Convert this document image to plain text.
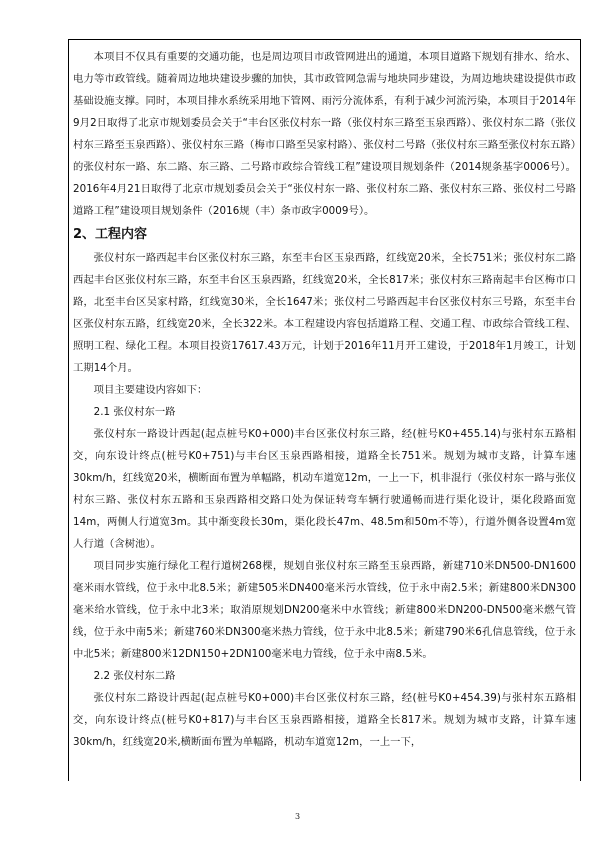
本项目不仅具有重要的交通功能，也是周边项目市政管网进出的通道，本项目道路下规划有排水、给水、电力等市政管线。随着周边地块建设步骤的加快，其市政管网急需与地块同步建设，为周边地块建设提供市政基础设施支撑。同时，本项目排水系统采用地下管网、雨污分流体系，有利于减少河流污染，本项目于2014年9月2日取得了北京市规划委员会关于“丰台区张仪村东一路（张仪村东三路至玉泉西路）、张仪村东二路（张仪村东三路至玉泉西路）、张仪村东三路（梅市口路至吴家村路）、张仪村二号路（张仪村东三路至张仪村东五路）的张仪村东一路、东二路、东三路、二号路市政综合管线工程”建设项目规划条件（2014规条基字0006号）。2016年4月21日取得了北京市规划委员会关于“张仪村东一路、张仪村东二路、张仪村东三路、张仪村二号路道路工程”建设项目规划条件（2016规（丰）条市政字0009号）。

2、工程内容

张仪村东一路西起丰台区张仪村东三路，东至丰台区玉泉西路，红线宽20米，全长751米；张仪村东二路西起丰台区张仪村东三路，东至丰台区玉泉西路，红线宽20米，全长817米；张仪村东三路南起丰台区梅市口路，北至丰台区吴家村路，红线宽30米，全长1647米；张仪村二号路西起丰台区张仪村东三号路，东至丰台区张仪村东五路，红线宽20米，全长322米。本工程建设内容包括道路工程、交通工程、市政综合管线工程、照明工程、绿化工程。本项目投资17617.43万元，计划于2016年11月开工建设，于2018年1月竣工，计划工期14个月。

项目主要建设内容如下：

2.1 张仪村东一路

张仪村东一路设计西起(起点桩号K0+000)丰台区张仪村东三路，经(桩号K0+455.14)与张村东五路相交，向东设计终点(桩号K0+751)与丰台区玉泉西路相接，道路全长751米。规划为城市支路，计算车速30km/h，红线宽20米，横断面布置为单幅路，机动车道宽12m，一上一下，机非混行（张仪村东一路与张仪村东三路、张仪村东五路和玉泉西路相交路口处为保证转弯车辆行驶通畅而进行渠化设计，渠化段路面宽14m，两侧人行道宽3m。其中渐变段长30m，渠化段长47m、48.5m和50m不等），行道外侧各设置4m宽人行道（含树池）。

项目同步实施行绿化工程行道树268棵，规划自张仪村东三路至玉泉西路，新建710米DN500-DN1600毫米雨水管线，位于永中北8.5米；新建505米DN400毫米污水管线，位于永中南2.5米；新建800米DN300毫米给水管线，位于永中北3米；取消原规划DN200毫米中水管线；新建800米DN200-DN500毫米燃气管线，位于永中南5米；新建760米DN300毫米热力管线，位于永中北8.5米；新建790米6孔信息管线，位于永中北5米；新建800米12DN150+2DN100毫米电力管线，位于永中南8.5米。

2.2 张仪村东二路

张仪村东二路设计西起(起点桩号K0+000)丰台区张仪村东三路，经(桩号K0+454.39)与张村东五路相交，向东设计终点(桩号K0+817)与丰台区玉泉西路相接，道路全长817米。规划为城市支路，计算车速30km/h，红线宽20米,横断面布置为单幅路，机动车道宽12m，一上一下，

3
